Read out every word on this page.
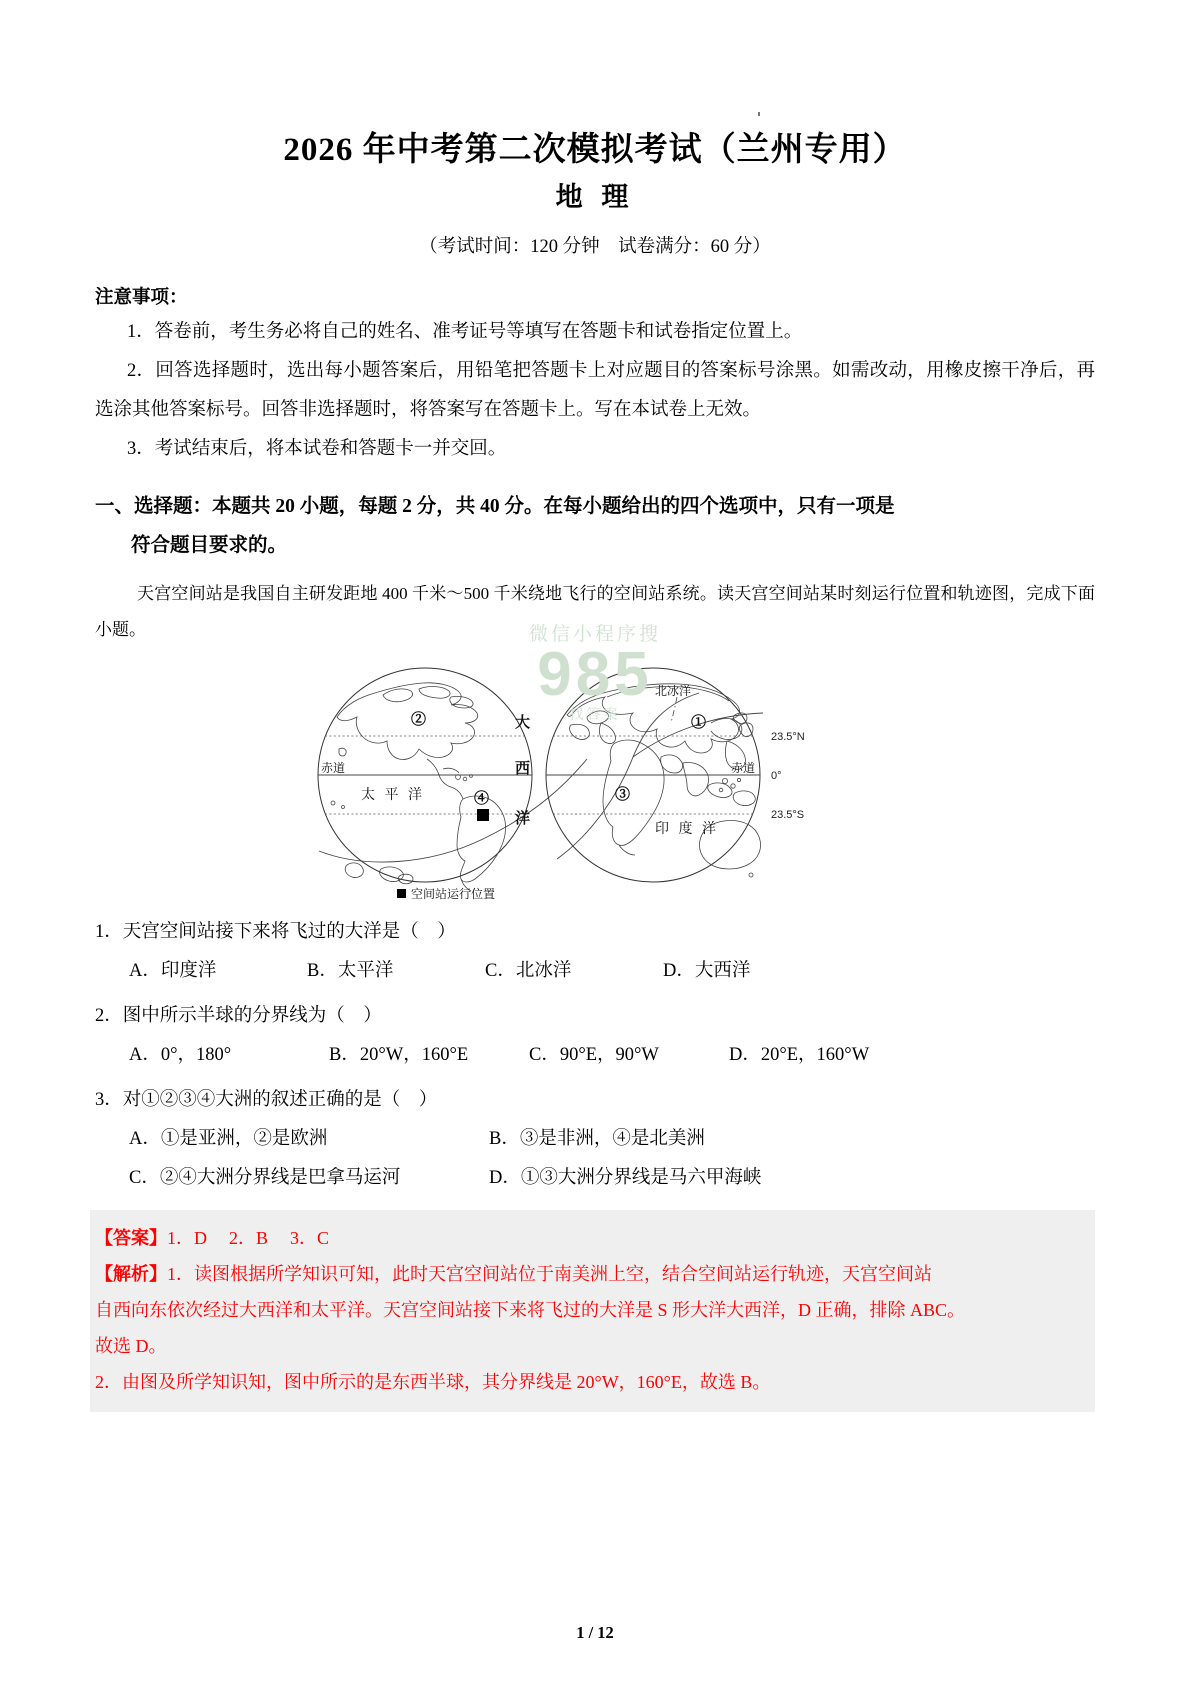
2026 年中考第二次模拟考试（兰州专用）
地 理

（考试时间：120 分钟　试卷满分：60 分）

注意事项：

1．答卷前，考生务必将自己的姓名、准考证号等填写在答题卡和试卷指定位置上。

2．回答选择题时，选出每小题答案后，用铅笔把答题卡上对应题目的答案标号涂黑。如需改动，用橡皮擦干净后，再选涂其他答案标号。回答非选择题时，将答案写在答题卡上。写在本试卷上无效。

3．考试结束后，将本试卷和答题卡一并交回。

一、选择题：本题共 20 小题，每题 2 分，共 40 分。在每小题给出的四个选项中，只有一项是
符合题目要求的。

天宫空间站是我国自主研发距地 400 千米～500 千米绕地飞行的空间站系统。读天宫空间站某时刻运行位置和轨迹图，完成下面小题。	微信小程序搜
985
找答案
②
④
赤道
太 平 洋
大
西
洋
①
③
北冰洋
印 度 洋
赤道
23.5°N
0°
23.5°S
空间站运行位置

1．天宫空间站接下来将飞过的大洋是（　）

A．印度洋	B．太平洋	C．北冰洋	D．大西洋

2．图中所示半球的分界线为（　）

A．0°，180°	B．20°W，160°E	C．90°E，90°W	D．20°E，160°W

3．对①②③④大洲的叙述正确的是（　）

A．①是亚洲，②是欧洲	B．③是非洲，④是北美洲
C．②④大洲分界线是巴拿马运河	D．①③大洲分界线是马六甲海峡

【答案】1．D 2．B 3．C

【解析】1．读图根据所学知识可知，此时天宫空间站位于南美洲上空，结合空间站运行轨迹，天宫空间站

自西向东依次经过大西洋和太平洋。天宫空间站接下来将飞过的大洋是 S 形大洋大西洋，D 正确，排除 ABC。

故选 D。

2．由图及所学知识知，图中所示的是东西半球，其分界线是 20°W，160°E，故选 B。

1 / 12
